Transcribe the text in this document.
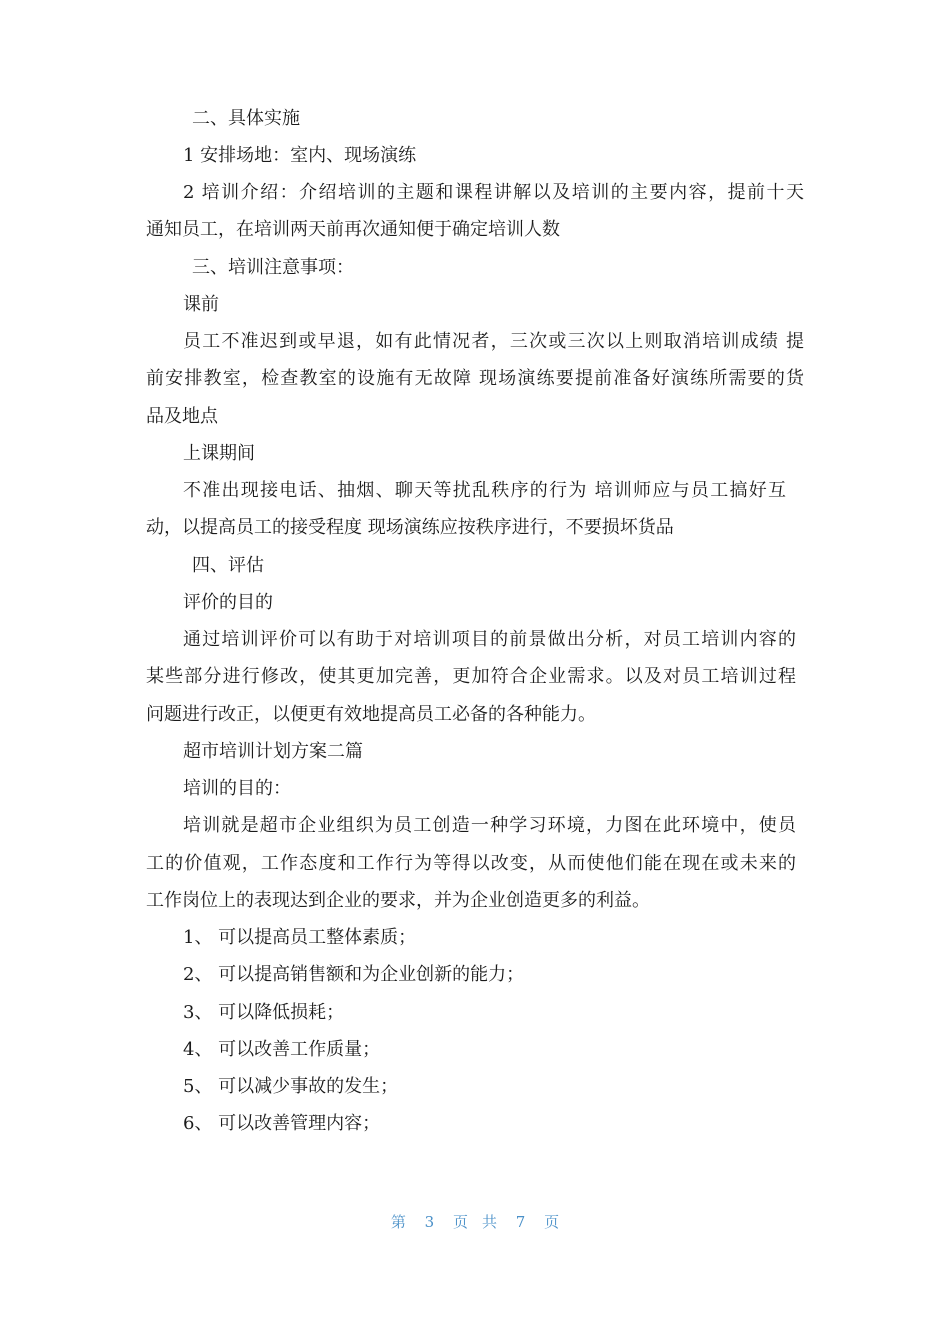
二、具体实施
1 安排场地：室内、现场演练
2 培训介绍：介绍培训的主题和课程讲解以及培训的主要内容，提前十天
通知员工，在培训两天前再次通知便于确定培训人数
三、培训注意事项：
课前
员工不准迟到或早退，如有此情况者，三次或三次以上则取消培训成绩 提
前安排教室，检查教室的设施有无故障 现场演练要提前准备好演练所需要的货
品及地点
上课期间
不准出现接电话、抽烟、聊天等扰乱秩序的行为 培训师应与员工搞好互
动，以提高员工的接受程度 现场演练应按秩序进行，不要损坏货品
四、评估
评价的目的
通过培训评价可以有助于对培训项目的前景做出分析，对员工培训内容的
某些部分进行修改，使其更加完善，更加符合企业需求。以及对员工培训过程
问题进行改正，以便更有效地提高员工必备的各种能力。
超市培训计划方案二篇
培训的目的：
培训就是超市企业组织为员工创造一种学习环境，力图在此环境中，使员
工的价值观，工作态度和工作行为等得以改变，从而使他们能在现在或未来的
工作岗位上的表现达到企业的要求，并为企业创造更多的利益。
1、 可以提高员工整体素质；
2、 可以提高销售额和为企业创新的能力；
3、 可以降低损耗；
4、 可以改善工作质量；
5、 可以减少事故的发生；
6、 可以改善管理内容；
第 3 页共 7 页
